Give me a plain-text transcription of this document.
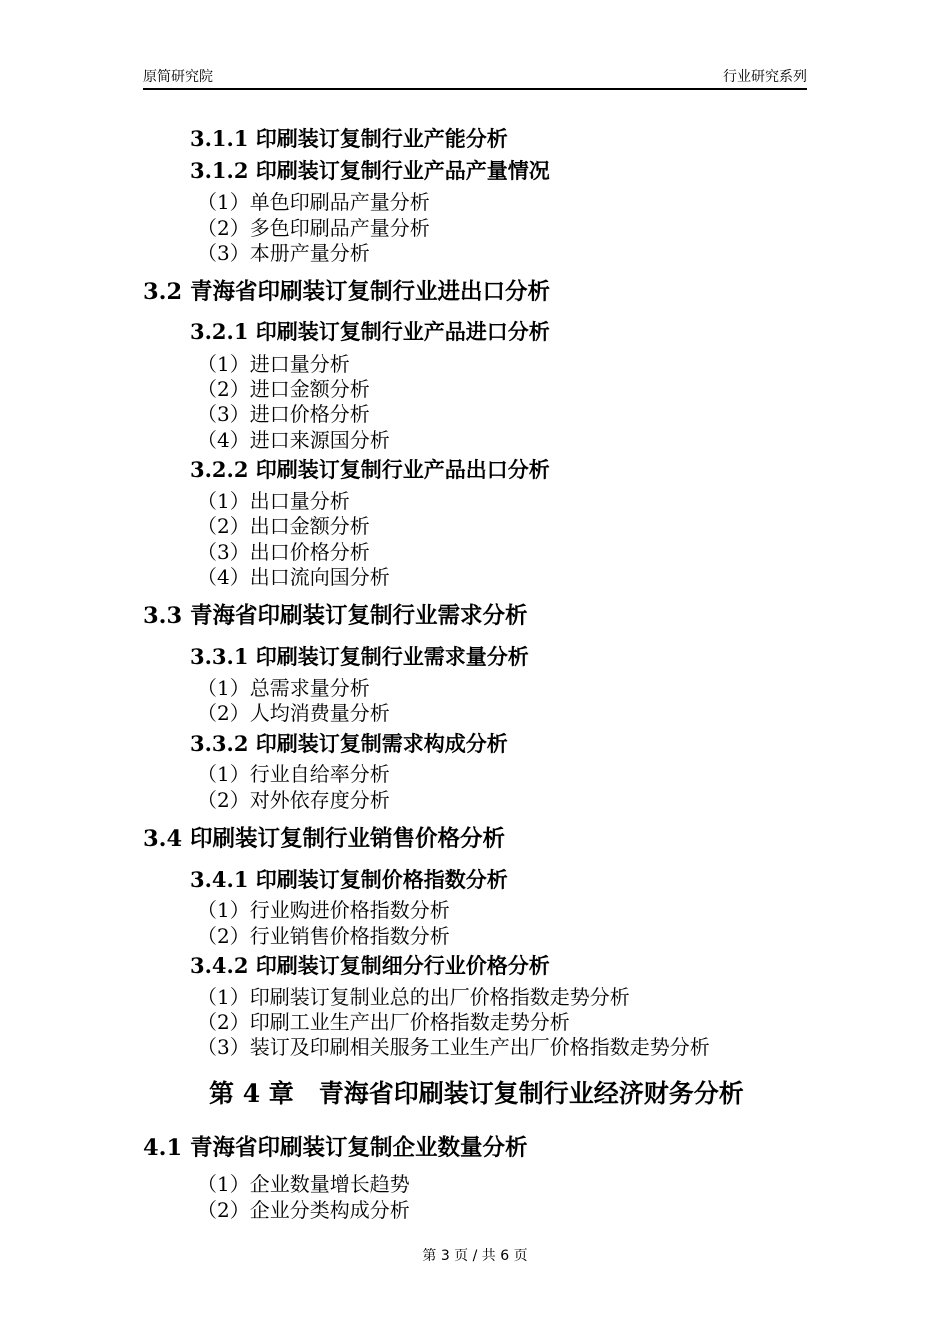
原简研究院	行业研究系列
3.1.1 印刷装订复制行业产能分析
3.1.2 印刷装订复制行业产品产量情况
（1）单色印刷品产量分析
（2）多色印刷品产量分析
（3）本册产量分析
3.2 青海省印刷装订复制行业进出口分析
3.2.1 印刷装订复制行业产品进口分析
（1）进口量分析
（2）进口金额分析
（3）进口价格分析
（4）进口来源国分析
3.2.2 印刷装订复制行业产品出口分析
（1）出口量分析
（2）出口金额分析
（3）出口价格分析
（4）出口流向国分析
3.3 青海省印刷装订复制行业需求分析
3.3.1 印刷装订复制行业需求量分析
（1）总需求量分析
（2）人均消费量分析
3.3.2 印刷装订复制需求构成分析
（1）行业自给率分析
（2）对外依存度分析
3.4 印刷装订复制行业销售价格分析
3.4.1 印刷装订复制价格指数分析
（1）行业购进价格指数分析
（2）行业销售价格指数分析
3.4.2 印刷装订复制细分行业价格分析
（1）印刷装订复制业总的出厂价格指数走势分析
（2）印刷工业生产出厂价格指数走势分析
（3）装订及印刷相关服务工业生产出厂价格指数走势分析
第 4 章　青海省印刷装订复制行业经济财务分析
4.1 青海省印刷装订复制企业数量分析
（1）企业数量增长趋势
（2）企业分类构成分析
第 3 页 / 共 6 页
